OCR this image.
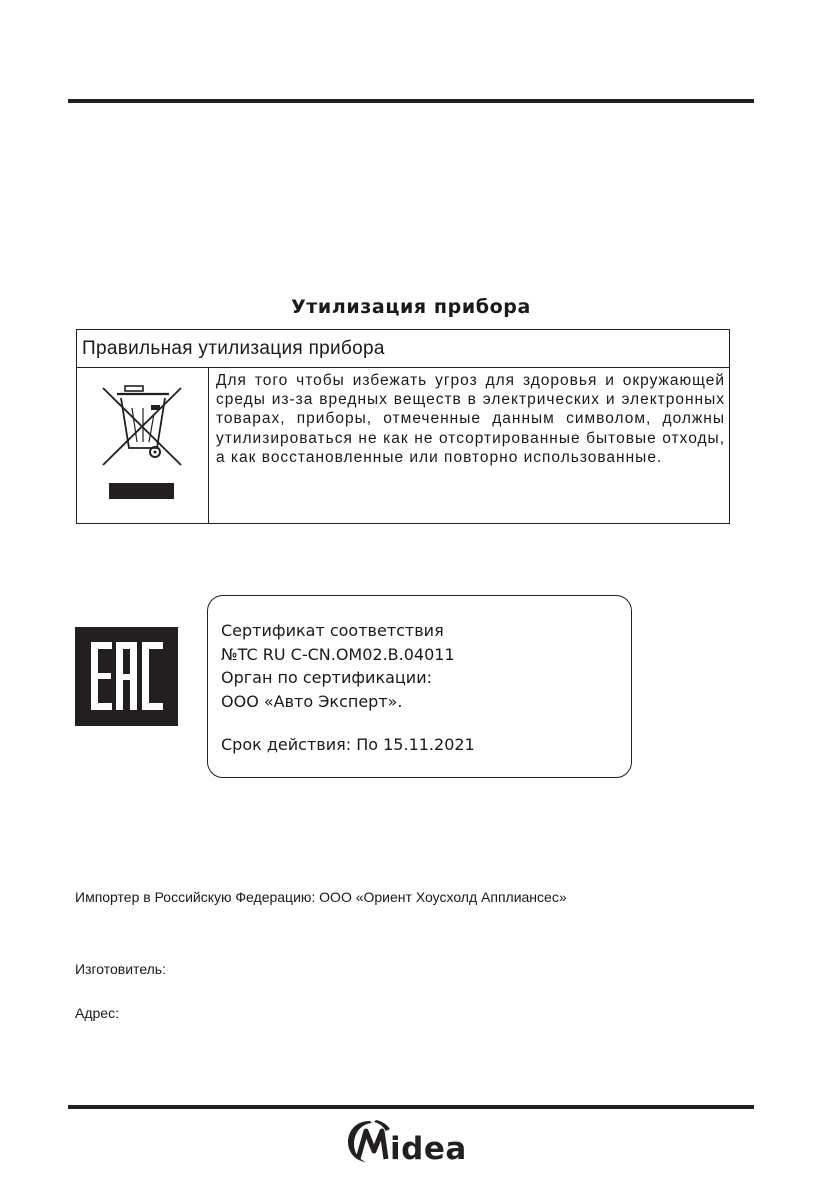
Утилизация прибора
Правильная утилизация прибора

Для того чтобы избежать угроз для здоровья и окружающей среды из-за вредных веществ в электрических и электронных товарах, приборы, отмеченные данным символом, должны утилизироваться не как не отсортированные бытовые отходы, а как восстановленные или повторно использованные.

Сертификат соответствия
№TC RU C-CN.OM02.B.04011
Орган по сертификации:
ООО «Авто Эксперт».
Срок действия: По 15.11.2021
Импортер в Российскую Федерацию: ООО «Ориент Хоусхолд Апплиансес»
Изготовитель:
Адрес:
idea
